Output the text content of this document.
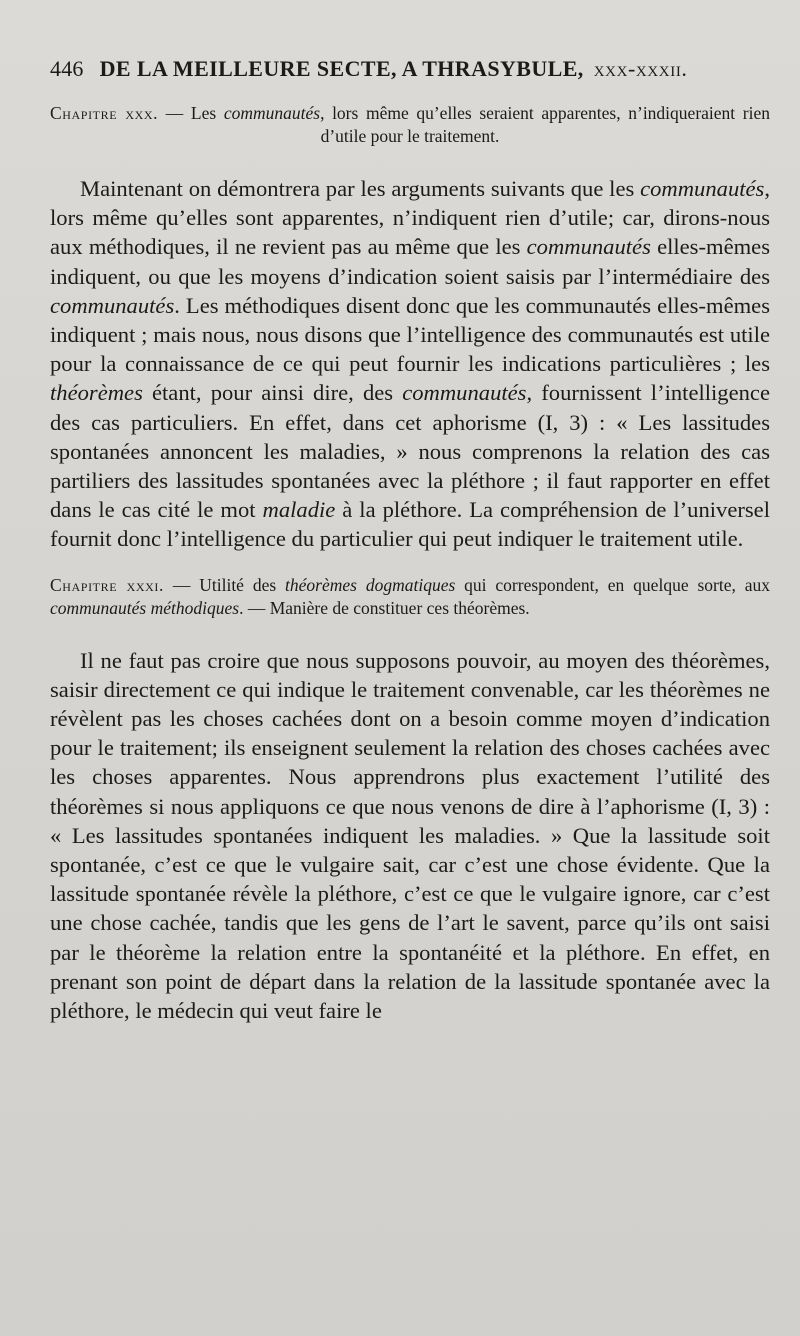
446 DE LA MEILLEURE SECTE, A THRASYBULE, xxx-xxxii.

Chapitre xxx. — Les communautés, lors même qu’elles seraient apparentes, n’indiqueraient rien d’utile pour le traitement.

Maintenant on démontrera par les arguments suivants que les communautés, lors même qu’elles sont apparentes, n’indiquent rien d’utile; car, dirons-nous aux méthodiques, il ne revient pas au même que les communautés elles-mêmes indiquent, ou que les moyens d’indication soient saisis par l’intermédiaire des communautés. Les méthodiques disent donc que les communautés elles-mêmes indiquent ; mais nous, nous disons que l’intelligence des communautés est utile pour la connaissance de ce qui peut fournir les indications particulières ; les théorèmes étant, pour ainsi dire, des communautés, fournissent l’intelligence des cas particuliers. En effet, dans cet aphorisme (I, 3) : « Les lassitudes spontanées annoncent les maladies, » nous comprenons la relation des cas partiliers des lassitudes spontanées avec la pléthore ; il faut rapporter en effet dans le cas cité le mot maladie à la pléthore. La compréhension de l’universel fournit donc l’intelligence du particulier qui peut indiquer le traitement utile.

Chapitre xxxi. — Utilité des théorèmes dogmatiques qui correspondent, en quelque sorte, aux communautés méthodiques. — Manière de constituer ces théorèmes.

Il ne faut pas croire que nous supposons pouvoir, au moyen des théorèmes, saisir directement ce qui indique le traitement convenable, car les théorèmes ne révèlent pas les choses cachées dont on a besoin comme moyen d’indication pour le traitement; ils enseignent seulement la relation des choses cachées avec les choses apparentes. Nous apprendrons plus exactement l’utilité des théorèmes si nous appliquons ce que nous venons de dire à l’aphorisme (I, 3) : « Les lassitudes spontanées indiquent les maladies. » Que la lassitude soit spontanée, c’est ce que le vulgaire sait, car c’est une chose évidente. Que la lassitude spontanée révèle la pléthore, c’est ce que le vulgaire ignore, car c’est une chose cachée, tandis que les gens de l’art le savent, parce qu’ils ont saisi par le théorème la relation entre la spontanéité et la pléthore. En effet, en prenant son point de départ dans la relation de la lassitude spontanée avec la pléthore, le médecin qui veut faire le
